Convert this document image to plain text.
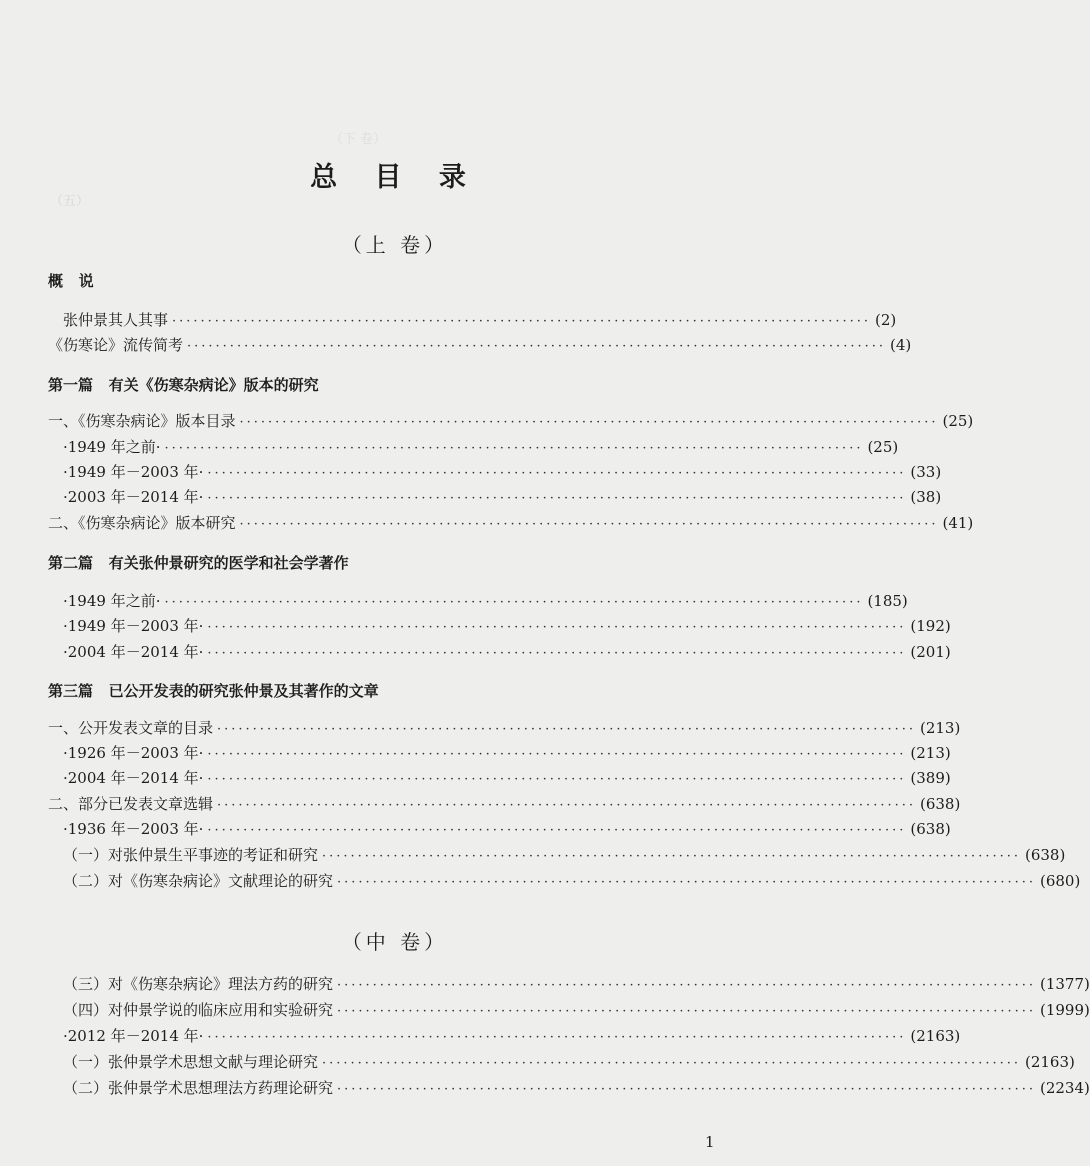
（下 卷）
（五）
总 目 录
（上 卷）
概   说
张仲景其人其事 ·································································································· (2)
《伤寒论》流传简考 ·································································································· (4)
第一篇   有关《伤寒杂病论》版本的研究
一、《伤寒杂病论》版本目录 ·································································································· (25)
·1949 年之前· ·································································································· (25)
·1949 年－2003 年· ·································································································· (33)
·2003 年－2014 年· ·································································································· (38)
二、《伤寒杂病论》版本研究 ·································································································· (41)
第二篇   有关张仲景研究的医学和社会学著作
·1949 年之前· ·································································································· (185)
·1949 年－2003 年· ·································································································· (192)
·2004 年－2014 年· ·································································································· (201)
第三篇   已公开发表的研究张仲景及其著作的文章
一、公开发表文章的目录 ·································································································· (213)
·1926 年－2003 年· ·································································································· (213)
·2004 年－2014 年· ·································································································· (389)
二、部分已发表文章选辑 ·································································································· (638)
·1936 年－2003 年· ·································································································· (638)
（一）对张仲景生平事迹的考证和研究 ·································································································· (638)
（二）对《伤寒杂病论》文献理论的研究 ·································································································· (680)
（中 卷）
（三）对《伤寒杂病论》理法方药的研究 ·································································································· (1377)
（四）对仲景学说的临床应用和实验研究 ·································································································· (1999)
·2012 年－2014 年· ·································································································· (2163)
（一）张仲景学术思想文献与理论研究 ·································································································· (2163)
（二）张仲景学术思想理法方药理论研究 ·································································································· (2234)
1
